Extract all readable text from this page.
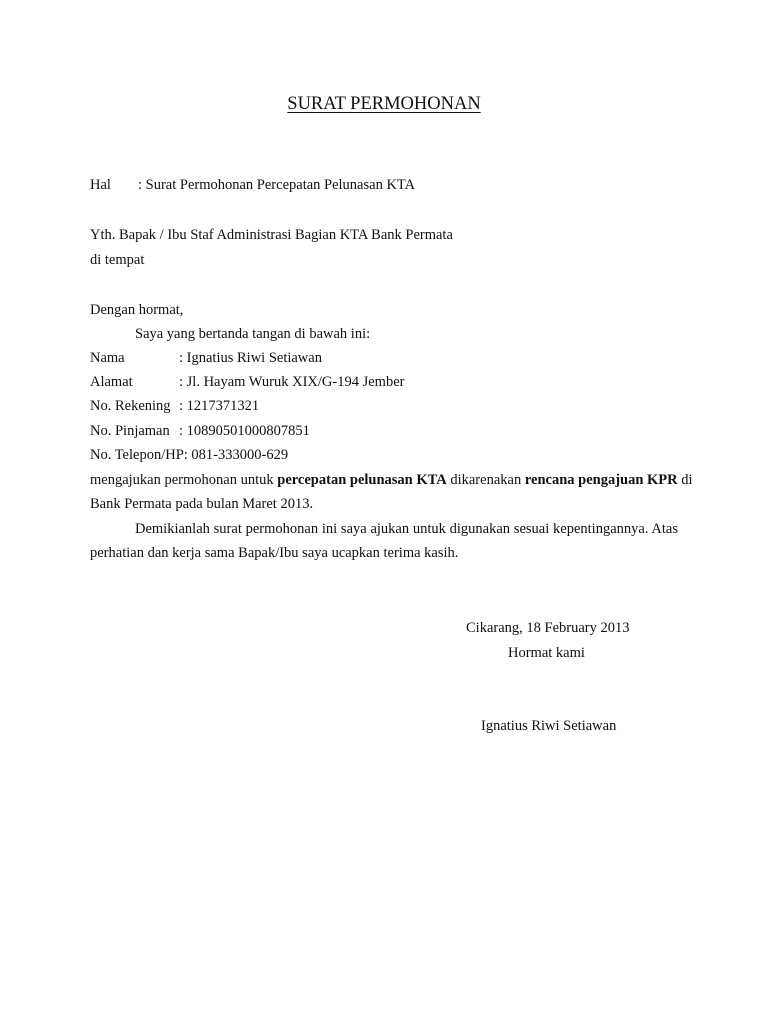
SURAT PERMOHONAN
Hal : Surat Permohonan Percepatan Pelunasan KTA
Yth. Bapak / Ibu Staf Administrasi Bagian KTA Bank Permata
di tempat
Dengan hormat,
Saya yang bertanda tangan di bawah ini:
Nama	: Ignatius Riwi Setiawan
Alamat	: Jl. Hayam Wuruk XIX/G-194 Jember
No. Rekening : 1217371321
No. Pinjaman : 10890501000807851
No. Telepon/HP: 081-333000-629
mengajukan permohonan untuk percepatan pelunasan KTA dikarenakan rencana pengajuan KPR di
Bank Permata pada bulan Maret 2013.
Demikianlah surat permohonan ini saya ajukan untuk digunakan sesuai kepentingannya. Atas
perhatian dan kerja sama Bapak/Ibu saya ucapkan terima kasih.
Cikarang, 18 February 2013
Hormat kami
Ignatius Riwi Setiawan
